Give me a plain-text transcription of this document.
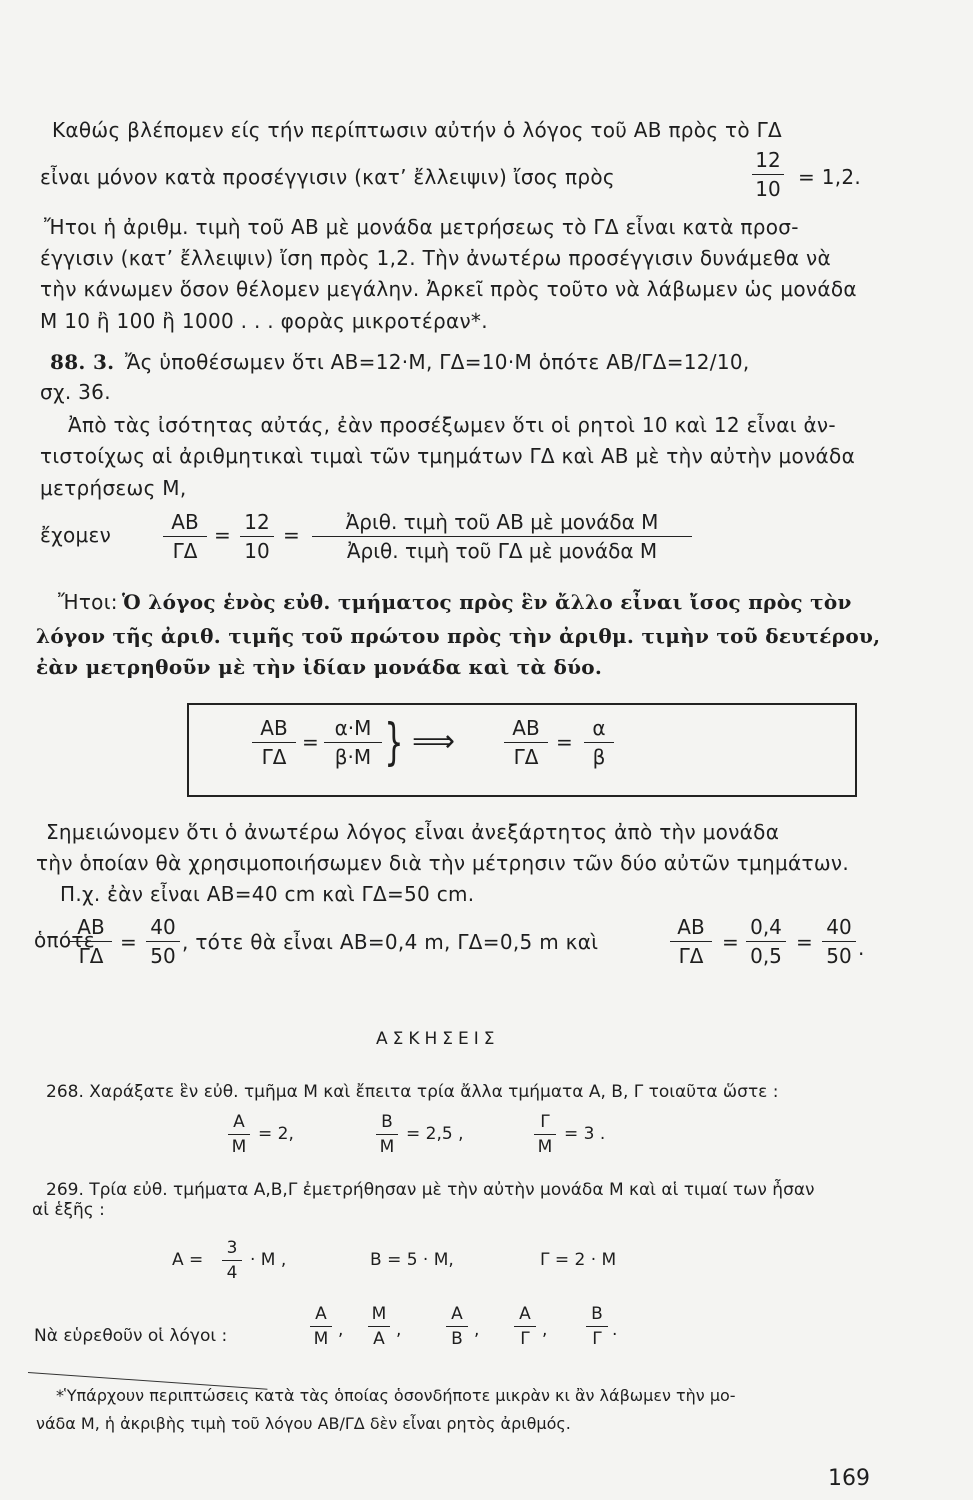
Καθώς βλέπομεν είς τήν περίπτωσιν αὐτήν ὁ λόγος τοῦ ΑΒ πρὸς τὸ ΓΔ
εἶναι μόνον κατὰ προσέγγισιν (κατ’ ἔλλειψιν) ἴσος πρὸς
12
10 = 1,2.
Ἤτοι ἡ ἀριθμ. τιμὴ τοῦ ΑΒ μὲ μονάδα μετρήσεως τὸ ΓΔ εἶναι κατὰ προσ-
έγγισιν (κατ’ ἔλλειψιν) ἴση πρὸς 1,2. Τὴν ἀνωτέρω προσέγγισιν δυνάμεθα νὰ
τὴν κάνωμεν ὅσον θέλομεν μεγάλην. Ἀρκεῖ πρὸς τοῦτο νὰ λάβωμεν ὡς μονάδα
Μ 10 ἢ 100 ἢ 1000 . . . φορὰς μικροτέραν*.
88. 3. Ἄς ὑποθέσωμεν ὅτι ΑΒ=12·Μ, ΓΔ=10·Μ ὁπότε ΑΒ/ΓΔ=12/10,
σχ. 36.
Ἀπὸ τὰς ἰσότητας αὐτάς, ἐὰν προσέξωμεν ὅτι οἱ ρητοὶ 10 καὶ 12 εἶναι ἀν-
τιστοίχως αἱ ἀριθμητικαὶ τιμαὶ τῶν τμημάτων ΓΔ καὶ ΑΒ μὲ τὴν αὐτὴν μονάδα
μετρήσεως Μ,
ἔχομεν
ΑΒ
ΓΔ
=
12
10
=
Ἀριθ. τιμὴ τοῦ ΑΒ μὲ μονάδα Μ
Ἀριθ. τιμὴ τοῦ ΓΔ μὲ μονάδα Μ
Ἤτοι: Ὁ λόγος ἑνὸς εὐθ. τμήματος πρὸς ἓν ἄλλο εἶναι ἴσος πρὸς τὸν
λόγον τῆς ἀριθ. τιμῆς τοῦ πρώτου πρὸς τὴν ἀριθμ. τιμὴν τοῦ δευτέρου,
ἐὰν μετρηθοῦν μὲ τὴν ἰδίαν μονάδα καὶ τὰ δύο.
ΑΒ
ΓΔ
=
α·Μ
β·Μ } ⟹	ΑΒ
ΓΔ
=
α
β
Σημειώνομεν ὅτι ὁ ἀνωτέρω λόγος εἶναι ἀνεξάρτητος ἀπὸ τὴν μονάδα
τὴν ὁποίαν θὰ χρησιμοποιήσωμεν διὰ τὴν μέτρησιν τῶν δύο αὐτῶν τμημάτων.
Π.χ. ἐὰν εἶναι ΑΒ=40 cm καὶ ΓΔ=50 cm.
ὁπότε
ΑΒ
ΓΔ
=
40
50
, τότε θὰ εἶναι ΑΒ=0,4 m, ΓΔ=0,5 m καὶ
ΑΒ
ΓΔ
=
0,4
0,5
=
40
50 .
ΑΣΚΗΣΕΙΣ
268. Χαράξατε ἓν εὐθ. τμῆμα Μ καὶ ἔπειτα τρία ἄλλα τμήματα Α, Β, Γ τοιαῦτα ὥστε :
Α
Μ
= 2,
Β
Μ
= 2,5 ,
Γ
Μ
= 3 .
269. Τρία εὐθ. τμήματα Α,Β,Γ ἐμετρήθησαν μὲ τὴν αὐτὴν μονάδα Μ καὶ αἱ τιμαί των ἦσαν
αἱ ἑξῆς :
Α =
3
4
· Μ ,	Β = 5 · Μ,	Γ = 2 · Μ
Νὰ εὑρεθοῦν οἱ λόγοι :
Α
Μ ,
Μ
Α ,
Α
Β ,
Α
Γ ,
Β
Γ .
*Ὑπάρχουν περιπτώσεις κατὰ τὰς ὁποίας ὁσονδήποτε μικρὰν κι ἂν λάβωμεν τὴν μο-
νάδα Μ, ἡ ἀκριβὴς τιμὴ τοῦ λόγου ΑΒ/ΓΔ δὲν εἶναι ρητὸς ἀριθμός.
169
